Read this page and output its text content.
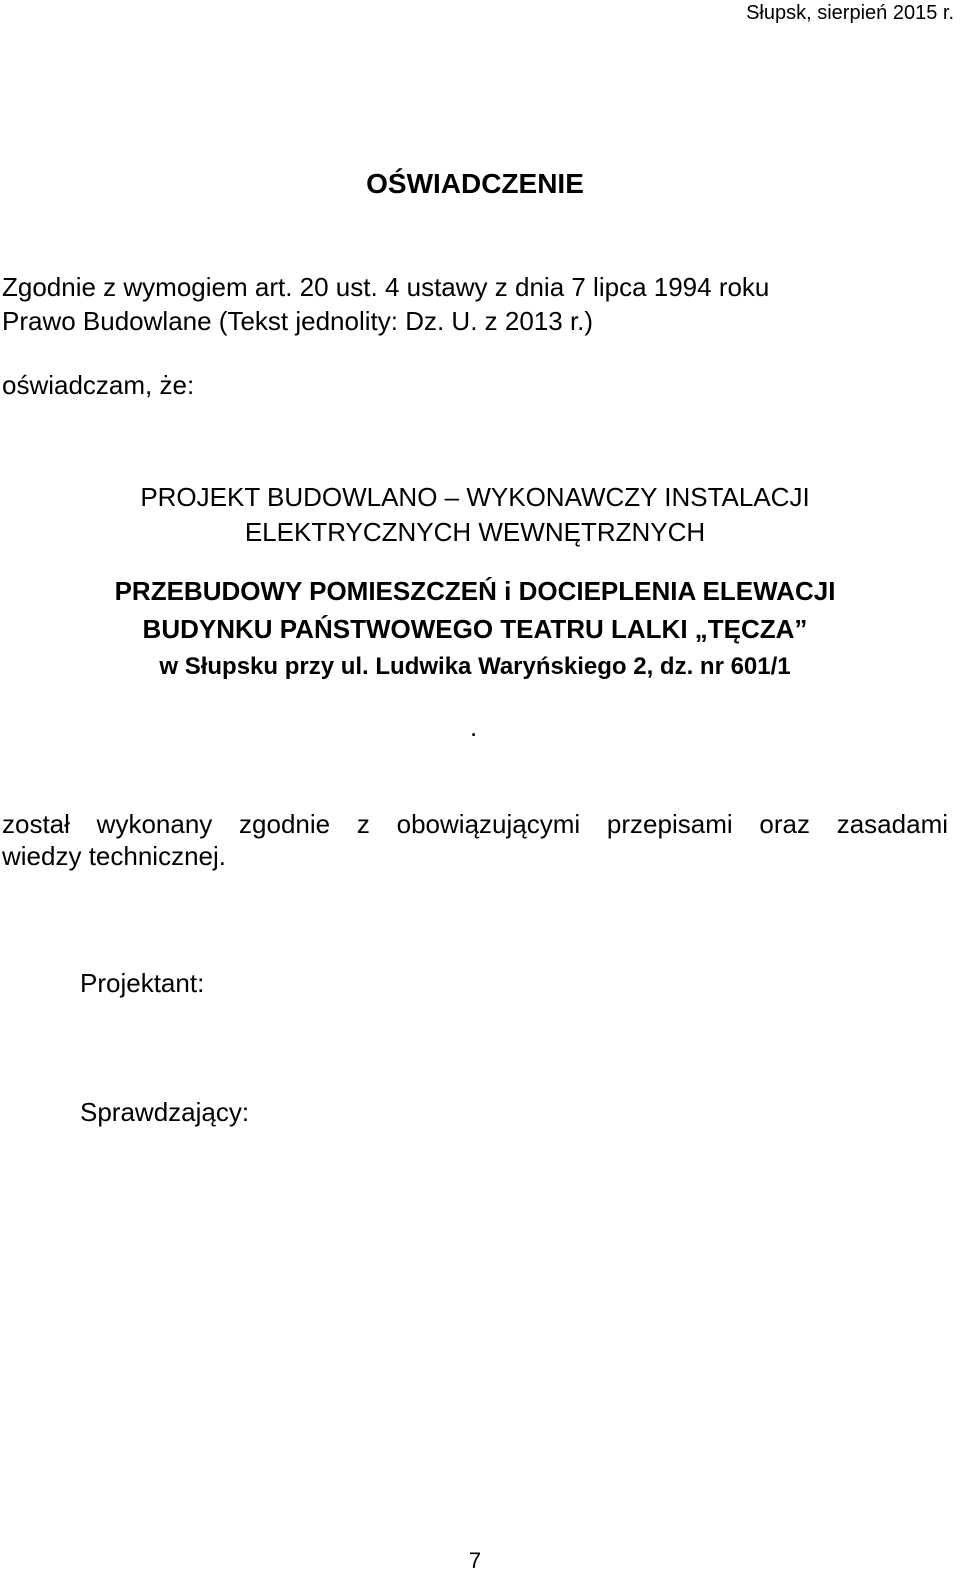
Słupsk, sierpień 2015 r.

OŚWIADCZENIE
Zgodnie z wymogiem art. 20 ust. 4 ustawy z dnia 7 lipca 1994 roku
Prawo Budowlane (Tekst jednolity: Dz. U. z 2013 r.)

oświadczam, że:

PROJEKT BUDOWLANO – WYKONAWCZY INSTALACJI
ELEKTRYCZNYCH WEWNĘTRZNYCH
PRZEBUDOWY POMIESZCZEŃ i DOCIEPLENIA ELEWACJI
BUDYNKU PAŃSTWOWEGO TEATRU LALKI „TĘCZA”
w Słupsku przy ul. Ludwika Waryńskiego 2, dz. nr 601/1

.

został wykonany zgodnie z obowiązującymi przepisami oraz zasadami
wiedzy technicznej.

Projektant:

Sprawdzający:

7
